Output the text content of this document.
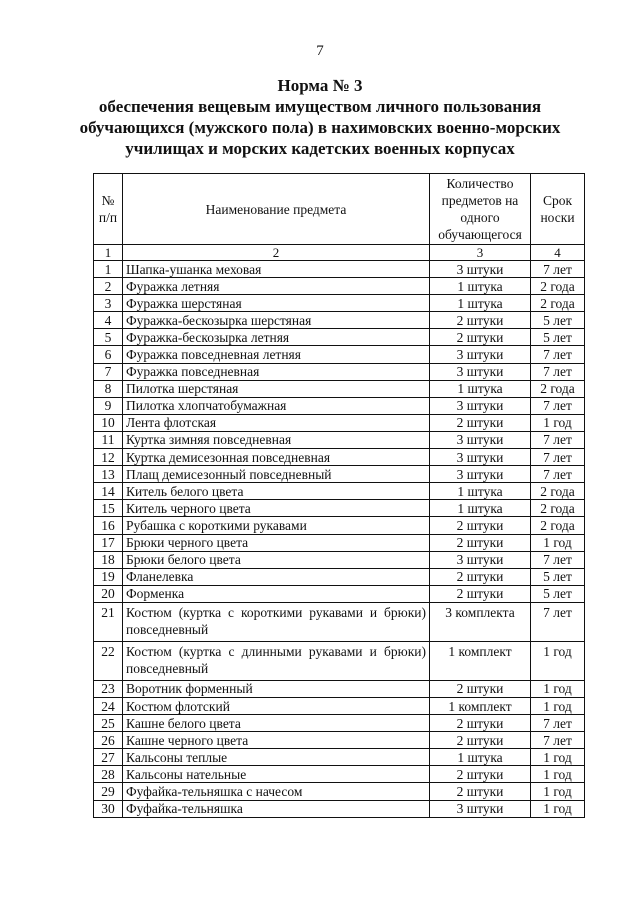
7
Норма № 3
обеспечения вещевым имуществом личного пользования
обучающихся (мужского пола) в нахимовских военно-морских
училищах и морских кадетских военных корпусах
№ п/п	Наименование предмета	Количество предметов на одного обучающегося	Срок носки
1	2	3	4
1	Шапка-ушанка меховая	3 штуки	7 лет
2	Фуражка летняя	1 штука	2 года
3	Фуражка шерстяная	1 штука	2 года
4	Фуражка-бескозырка шерстяная	2 штуки	5 лет
5	Фуражка-бескозырка летняя	2 штуки	5 лет
6	Фуражка повседневная летняя	3 штуки	7 лет
7	Фуражка повседневная	3 штуки	7 лет
8	Пилотка шерстяная	1 штука	2 года
9	Пилотка хлопчатобумажная	3 штуки	7 лет
10	Лента флотская	2 штуки	1 год
11	Куртка зимняя повседневная	3 штуки	7 лет
12	Куртка демисезонная повседневная	3 штуки	7 лет
13	Плащ демисезонный повседневный	3 штуки	7 лет
14	Китель белого цвета	1 штука	2 года
15	Китель черного цвета	1 штука	2 года
16	Рубашка с короткими рукавами	2 штуки	2 года
17	Брюки черного цвета	2 штуки	1 год
18	Брюки белого цвета	3 штуки	7 лет
19	Фланелевка	2 штуки	5 лет
20	Форменка	2 штуки	5 лет
21	Костюм (куртка с короткими рукавами и брюки) повседневный	3 комплекта	7 лет
22	Костюм (куртка с длинными рукавами и брюки) повседневный	1 комплект	1 год
23	Воротник форменный	2 штуки	1 год
24	Костюм флотский	1 комплект	1 год
25	Кашне белого цвета	2 штуки	7 лет
26	Кашне черного цвета	2 штуки	7 лет
27	Кальсоны теплые	1 штука	1 год
28	Кальсоны нательные	2 штуки	1 год
29	Фуфайка-тельняшка с начесом	2 штуки	1 год
30	Фуфайка-тельняшка	3 штуки	1 год
